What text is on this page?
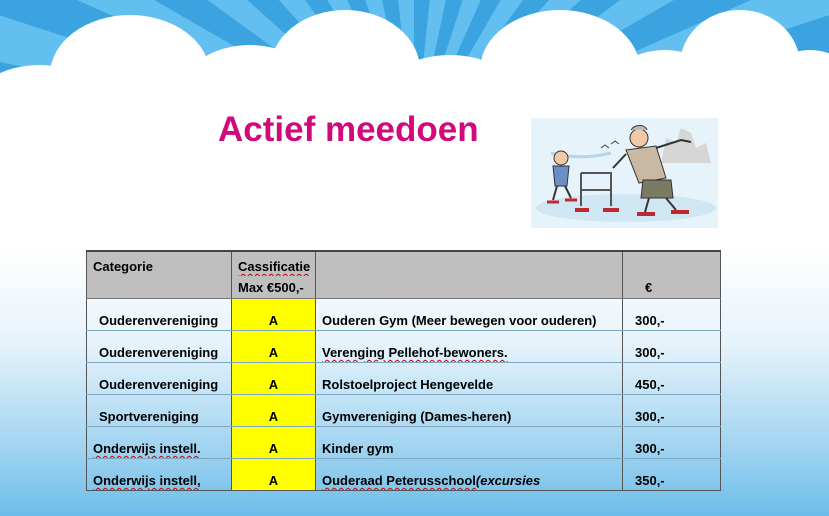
Actief meedoen
Categorie	Cassificatie		
	Max €500,-		€
Ouderenvereniging	A	Ouderen Gym (Meer bewegen voor ouderen)	300,-
Ouderenvereniging	A	Verenging Pellehof-bewoners.	300,-
Ouderenvereniging	A	Rolstoelproject Hengevelde	450,-
Sportvereniging	A	Gymvereniging (Dames-heren)	300,-
Onderwijs instell.	A	Kinder gym	300,-
Onderwijs instell,	A	Ouderaad Peterusschool(excursies	350,-
